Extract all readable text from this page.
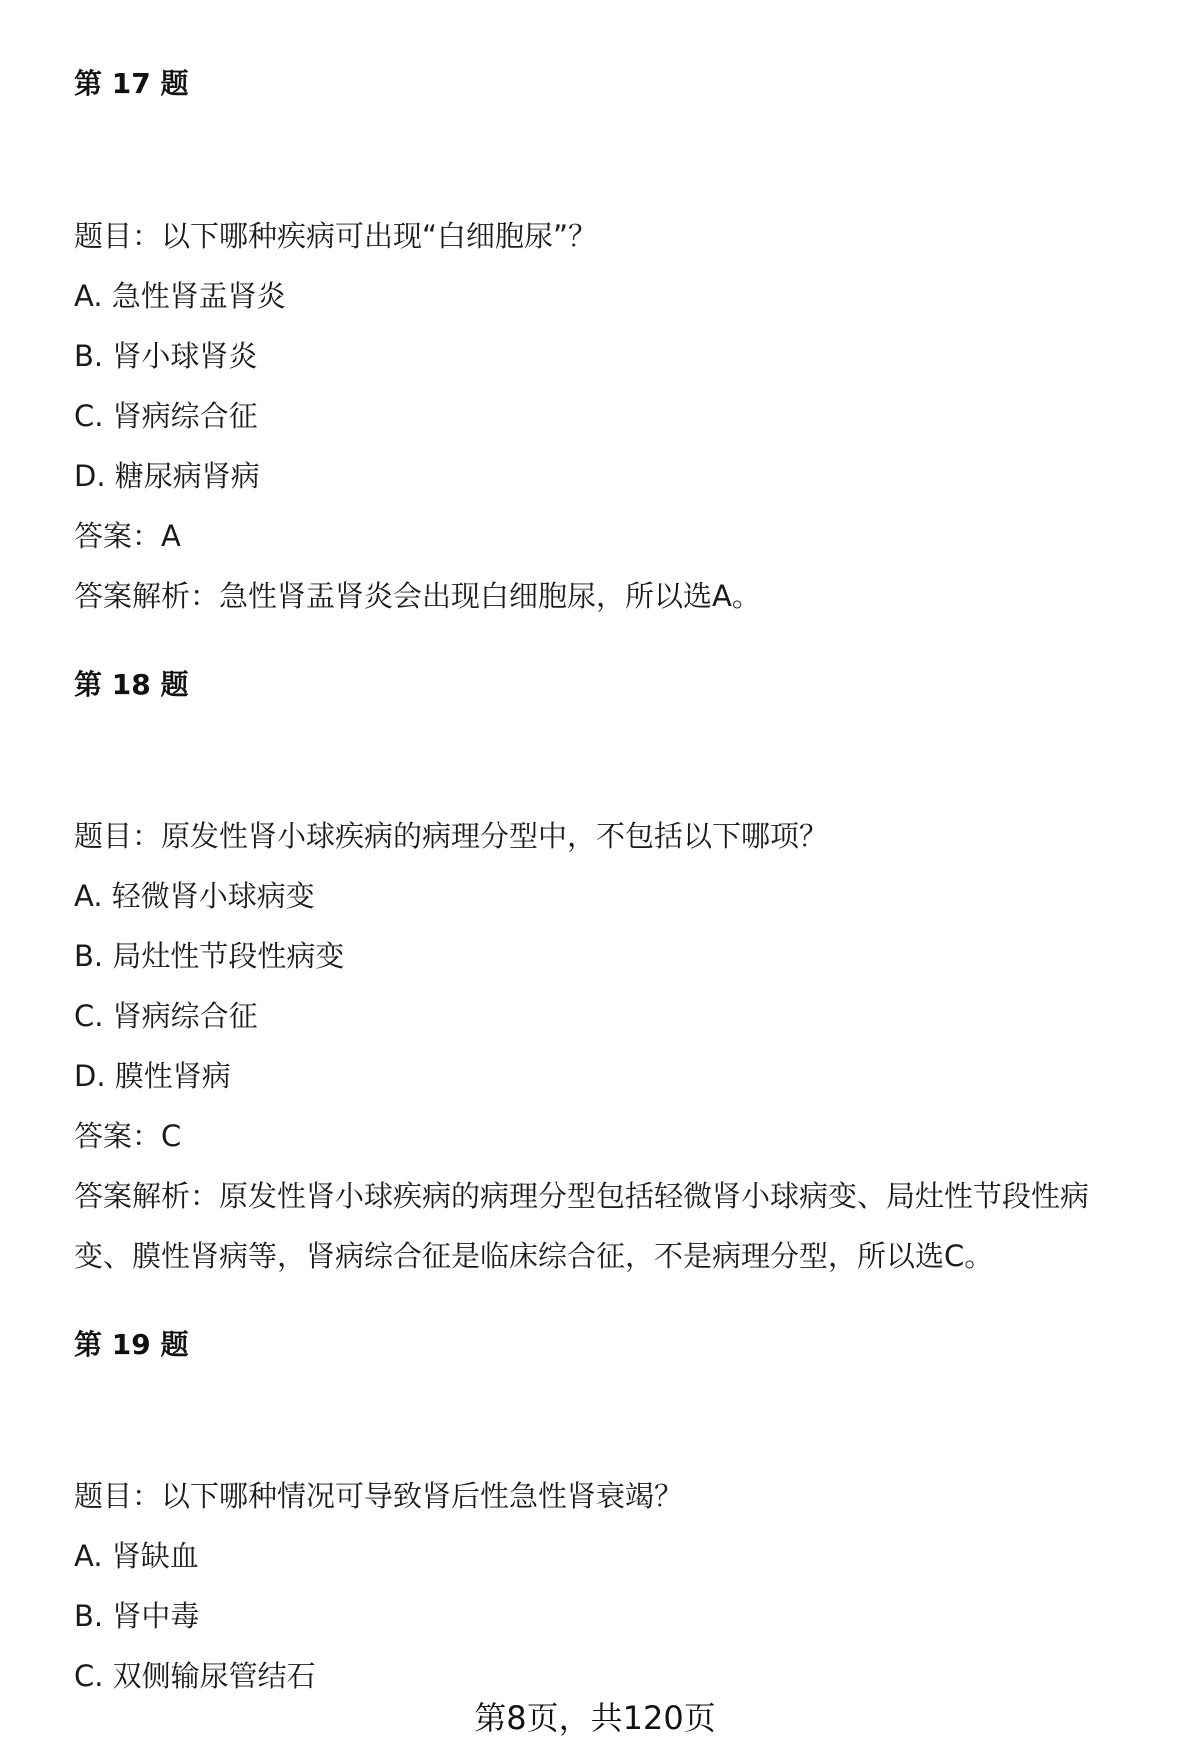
第 17 题
题目：以下哪种疾病可出现“白细胞尿”？
A. 急性肾盂肾炎
B. 肾小球肾炎
C. 肾病综合征
D. 糖尿病肾病
答案：A
答案解析：急性肾盂肾炎会出现白细胞尿，所以选A。
第 18 题
题目：原发性肾小球疾病的病理分型中，不包括以下哪项？
A. 轻微肾小球病变
B. 局灶性节段性病变
C. 肾病综合征
D. 膜性肾病
答案：C
答案解析：原发性肾小球疾病的病理分型包括轻微肾小球病变、局灶性节段性病
变、膜性肾病等，肾病综合征是临床综合征，不是病理分型，所以选C。
第 19 题
题目：以下哪种情况可导致肾后性急性肾衰竭？
A. 肾缺血
B. 肾中毒
C. 双侧输尿管结石
第8页，共120页
